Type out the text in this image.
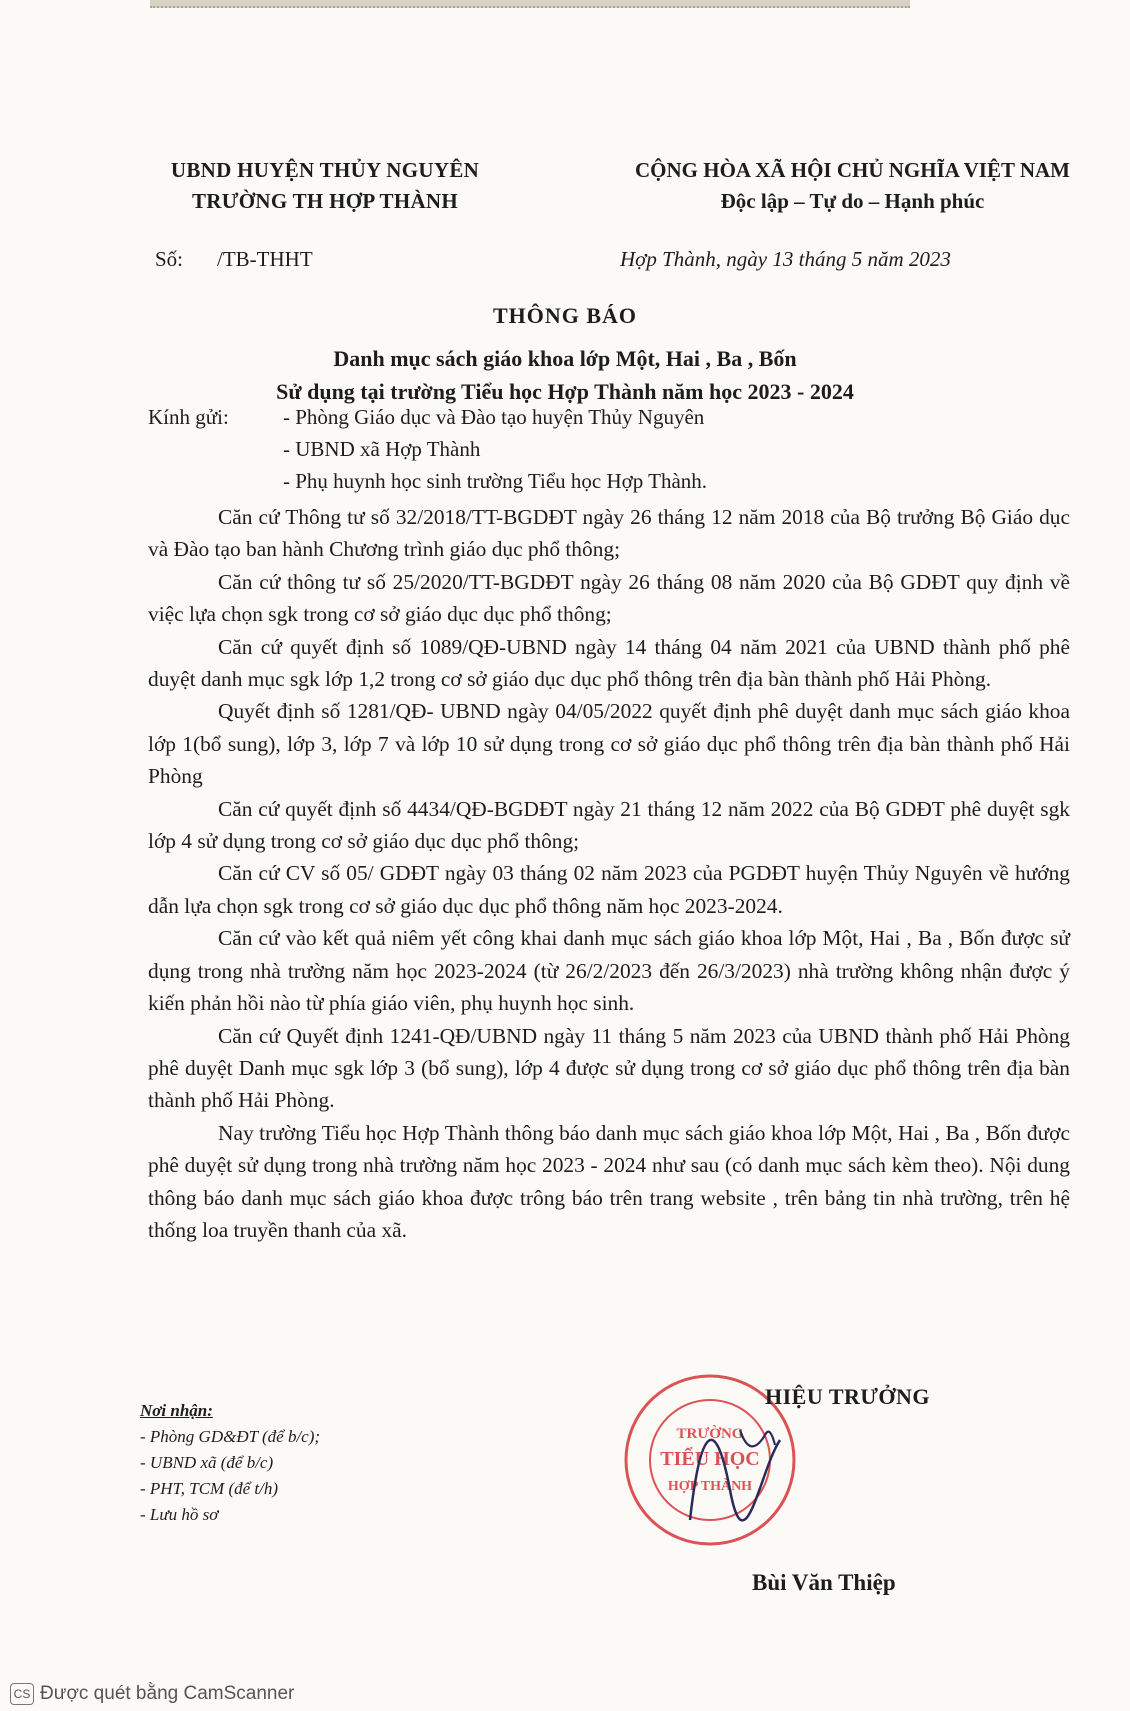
UBND HUYỆN THỦY NGUYÊN
TRƯỜNG TH HỢP THÀNH
CỘNG HÒA XÃ HỘI CHỦ NGHĨA VIỆT NAM
Độc lập – Tự do – Hạnh phúc
Số: /TB-THHT	Hợp Thành, ngày 13 tháng 5 năm 2023
THÔNG BÁO
Danh mục sách giáo khoa lớp Một, Hai , Ba , Bốn
Sử dụng tại trường Tiểu học Hợp Thành năm học 2023 - 2024
Kính gửi:	- Phòng Giáo dục và Đào tạo huyện Thủy Nguyên
- UBND xã Hợp Thành
- Phụ huynh học sinh trường Tiểu học Hợp Thành.

Căn cứ Thông tư số 32/2018/TT-BGDĐT ngày 26 tháng 12 năm 2018 của Bộ trưởng Bộ Giáo dục và Đào tạo ban hành Chương trình giáo dục phổ thông;

Căn cứ thông tư số 25/2020/TT-BGDĐT ngày 26 tháng 08 năm 2020 của Bộ GDĐT quy định về việc lựa chọn sgk trong cơ sở giáo dục dục phổ thông;

Căn cứ quyết định số 1089/QĐ-UBND ngày 14 tháng 04 năm 2021 của UBND thành phố phê duyệt danh mục sgk lớp 1,2 trong cơ sở giáo dục dục phổ thông trên địa bàn thành phố Hải Phòng.

Quyết định số 1281/QĐ- UBND ngày 04/05/2022 quyết định phê duyệt danh mục sách giáo khoa lớp 1(bổ sung), lớp 3, lớp 7 và lớp 10 sử dụng trong cơ sở giáo dục phổ thông trên địa bàn thành phố Hải Phòng

Căn cứ quyết định số 4434/QĐ-BGDĐT ngày 21 tháng 12 năm 2022 của Bộ GDĐT phê duyệt sgk lớp 4 sử dụng trong cơ sở giáo dục dục phổ thông;

Căn cứ CV số 05/ GDĐT ngày 03 tháng 02 năm 2023 của PGDĐT huyện Thủy Nguyên về hướng dẫn lựa chọn sgk trong cơ sở giáo dục dục phổ thông năm học 2023-2024.

Căn cứ vào kết quả niêm yết công khai danh mục sách giáo khoa lớp Một, Hai , Ba , Bốn được sử dụng trong nhà trường năm học 2023-2024 (từ 26/2/2023 đến 26/3/2023) nhà trường không nhận được ý kiến phản hồi nào từ phía giáo viên, phụ huynh học sinh.

Căn cứ Quyết định 1241-QĐ/UBND ngày 11 tháng 5 năm 2023 của UBND thành phố Hải Phòng phê duyệt Danh mục sgk lớp 3 (bổ sung), lớp 4 được sử dụng trong cơ sở giáo dục phổ thông trên địa bàn thành phố Hải Phòng.

Nay trường Tiểu học Hợp Thành thông báo danh mục sách giáo khoa lớp Một, Hai , Ba , Bốn được phê duyệt sử dụng trong nhà trường năm học 2023 - 2024 như sau (có danh mục sách kèm theo). Nội dung thông báo danh mục sách giáo khoa được trông báo trên trang website , trên bảng tin nhà trường, trên hệ thống loa truyền thanh của xã.

Nơi nhận:
- Phòng GD&ĐT (để b/c);
- UBND xã (để b/c)
- PHT, TCM (để t/h)
- Lưu hồ sơ
TRƯỜNG
TIỂU HỌC
HỢP THÀNH
HIỆU TRƯỞNG
Bùi Văn Thiệp
CS Được quét bằng CamScanner
